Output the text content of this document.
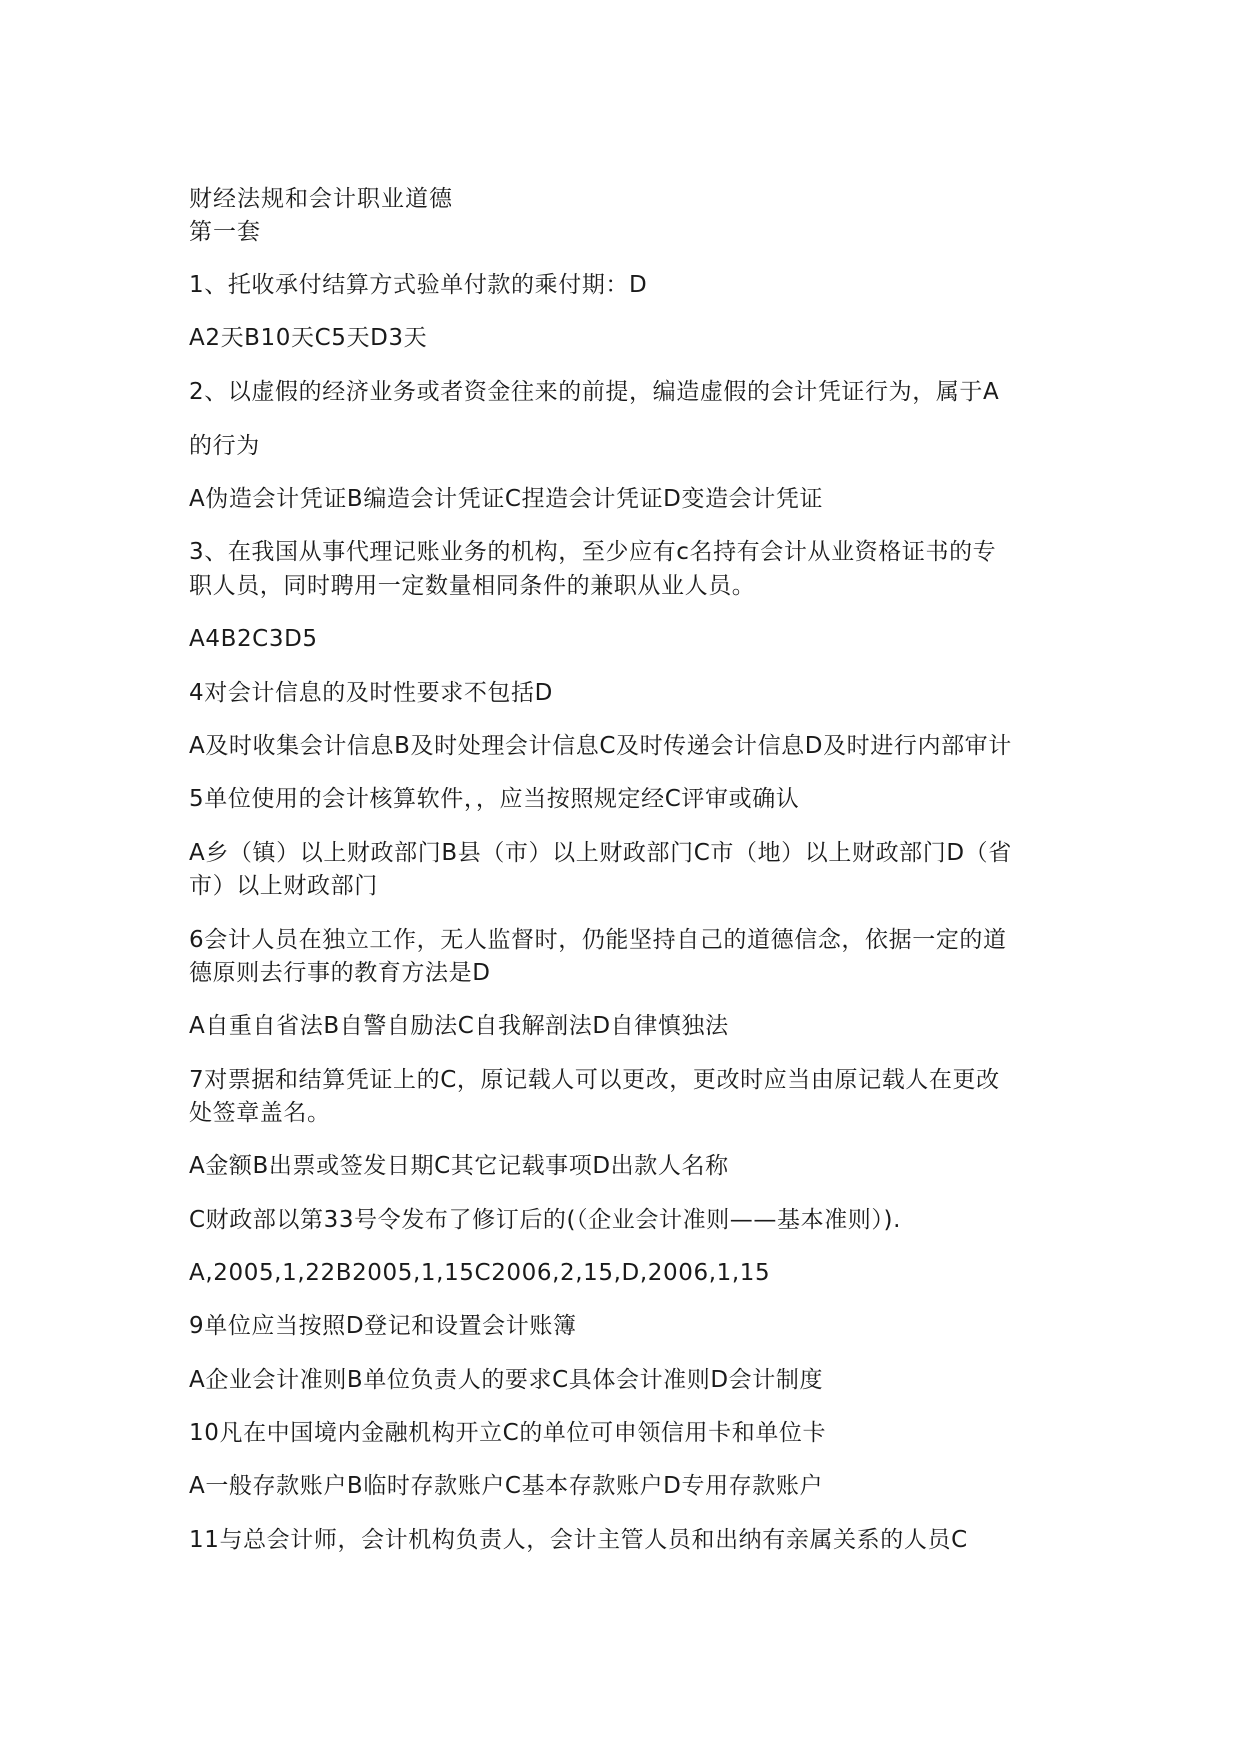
财经法规和会计职业道德
第一套
1、托收承付结算方式验单付款的乘付期：D
A2天B10天C5天D3天
2、以虚假的经济业务或者资金往来的前提，编造虚假的会计凭证行为，属于A
的行为
A伪造会计凭证B编造会计凭证C捏造会计凭证D变造会计凭证
3、在我国从事代理记账业务的机构，至少应有c名持有会计从业资格证书的专
职人员，同时聘用一定数量相同条件的兼职从业人员。
A4B2C3D5
4对会计信息的及时性要求不包括D
A及时收集会计信息B及时处理会计信息C及时传递会计信息D及时进行内部审计
5单位使用的会计核算软件，，应当按照规定经C评审或确认
A乡（镇）以上财政部门B县（市）以上财政部门C市（地）以上财政部门D（省
市）以上财政部门
6会计人员在独立工作，无人监督时，仍能坚持自己的道德信念，依据一定的道
德原则去行事的教育方法是D
A自重自省法B自警自励法C自我解剖法D自律慎独法
7对票据和结算凭证上的C，原记载人可以更改，更改时应当由原记载人在更改
处签章盖名。
A金额B出票或签发日期C其它记载事项D出款人名称
C财政部以第33号令发布了修订后的(（企业会计准则——基本准则）).
A,2005,1,22B2005,1,15C2006,2,15,D,2006,1,15
9单位应当按照D登记和设置会计账簿
A企业会计准则B单位负责人的要求C具体会计准则D会计制度
10凡在中国境内金融机构开立C的单位可申领信用卡和单位卡
A一般存款账户B临时存款账户C基本存款账户D专用存款账户
11与总会计师，会计机构负责人，会计主管人员和出纳有亲属关系的人员C
